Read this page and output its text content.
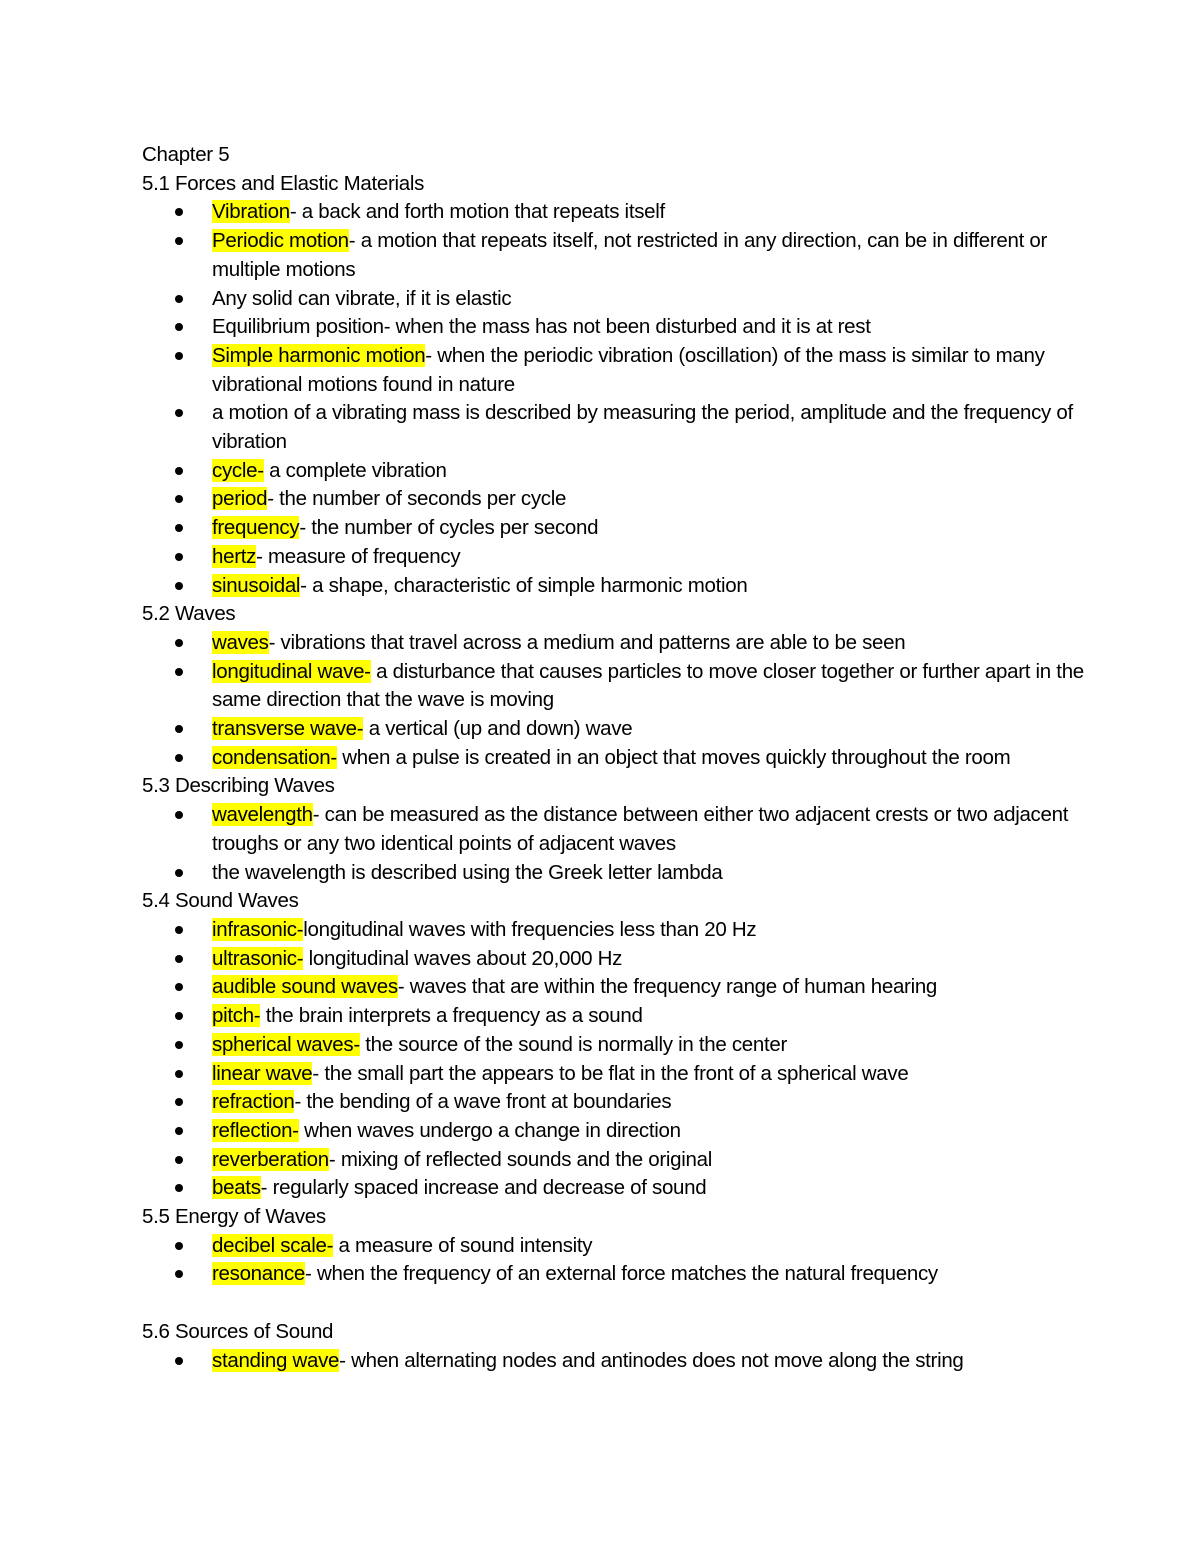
Chapter 5
5.1 Forces and Elastic Materials
Vibration- a back and forth motion that repeats itself
Periodic motion- a motion that repeats itself, not restricted in any direction, can be in different or multiple motions
Any solid can vibrate, if it is elastic
Equilibrium position- when the mass has not been disturbed and it is at rest
Simple harmonic motion- when the periodic vibration (oscillation) of the mass is similar to many vibrational motions found in nature
a motion of a vibrating mass is described by measuring the period, amplitude and the frequency of vibration
cycle- a complete vibration
period- the number of seconds per cycle
frequency- the number of cycles per second
hertz- measure of frequency
sinusoidal- a shape, characteristic of simple harmonic motion
5.2 Waves
waves- vibrations that travel across a medium and patterns are able to be seen
longitudinal wave- a disturbance that causes particles to move closer together or further apart in the same direction that the wave is moving
transverse wave- a vertical (up and down) wave
condensation- when a pulse is created in an object that moves quickly throughout the room
5.3 Describing Waves
wavelength- can be measured as the distance between either two adjacent crests or two adjacent troughs or any two identical points of adjacent waves
the wavelength is described using the Greek letter lambda
5.4 Sound Waves
infrasonic-longitudinal waves with frequencies less than 20 Hz
ultrasonic- longitudinal waves about 20,000 Hz
audible sound waves- waves that are within the frequency range of human hearing
pitch- the brain interprets a frequency as a sound
spherical waves- the source of the sound is normally in the center
linear wave- the small part the appears to be flat in the front of a spherical wave
refraction- the bending of a wave front at boundaries
reflection- when waves undergo a change in direction
reverberation- mixing of reflected sounds and the original
beats- regularly spaced increase and decrease of sound
5.5 Energy of Waves
decibel scale- a measure of sound intensity
resonance- when the frequency of an external force matches the natural frequency
5.6 Sources of Sound
standing wave- when alternating nodes and antinodes does not move along the string
